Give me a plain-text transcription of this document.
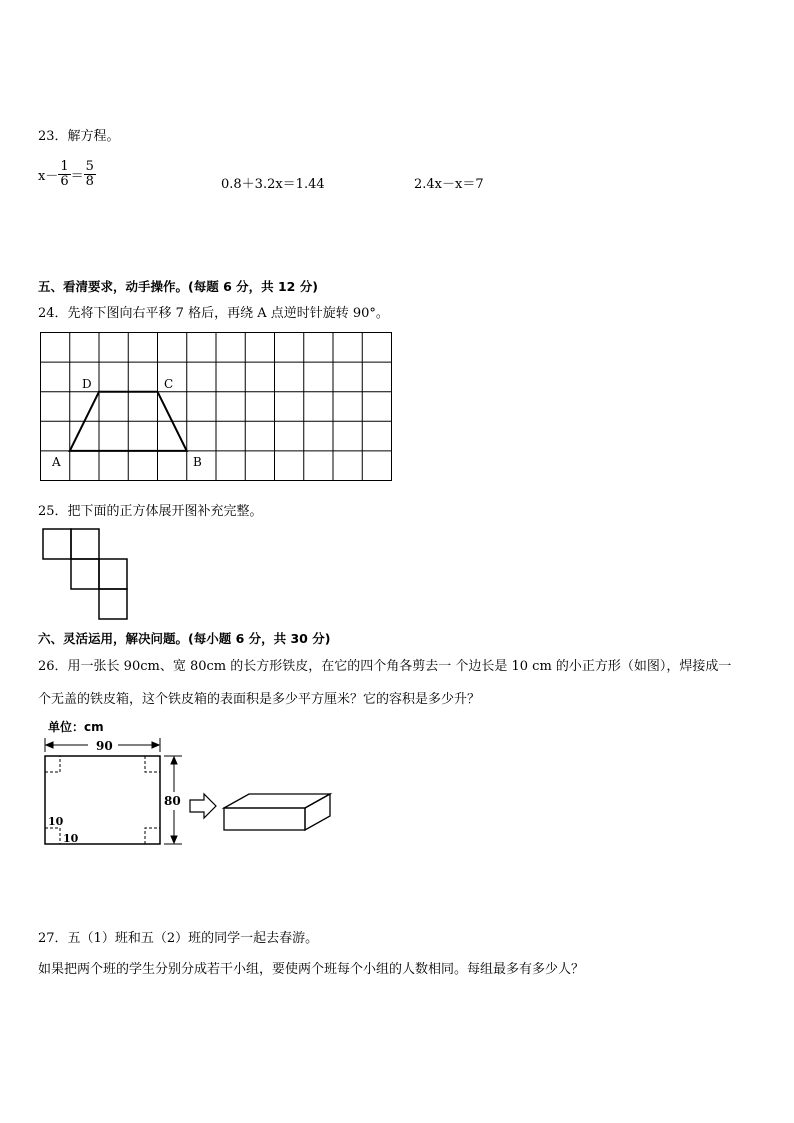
23．解方程。
$x- \frac{1}{6} = \frac{5}{8}$	0.8＋3.2x＝1.44	2.4x－x＝7
五、看清要求，动手操作。(每题 6 分，共 12 分)
24．先将下图向右平移 7 格后，再绕 A 点逆时针旋转 90°。
A	B
C
D
25．把下面的正方体展开图补充完整。
六、灵活运用，解决问题。(每小题 6 分，共 30 分)
26．用一张长 90cm、宽 80cm 的长方形铁皮，在它的四个角各剪去一 个边长是 10 cm 的小正方形（如图），焊接成一
个无盖的铁皮箱，这个铁皮箱的表面积是多少平方厘米？它的容积是多少升？
单位：cm
90
10
10
80
27．五（1）班和五（2）班的同学一起去春游。
如果把两个班的学生分别分成若干小组，要使两个班每个小组的人数相同。每组最多有多少人？
